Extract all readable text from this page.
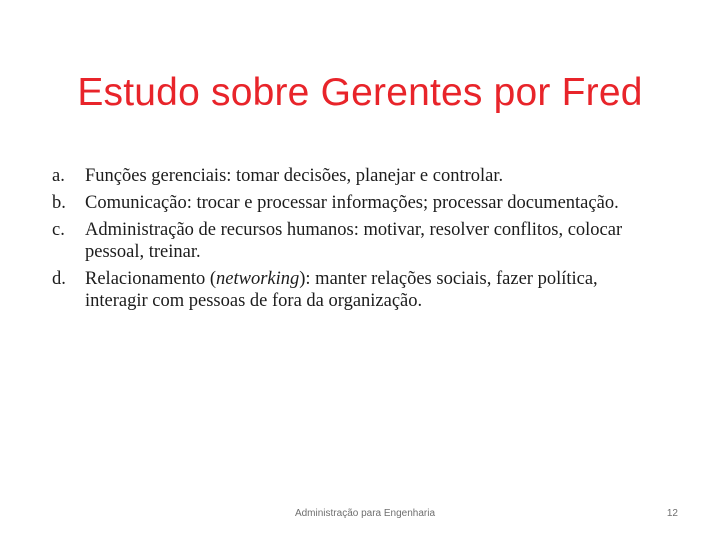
Estudo sobre Gerentes por Fred
a.	Funções gerenciais: tomar decisões, planejar e controlar.
b.	Comunicação: trocar e processar informações; processar documentação.
c.	Administração de recursos humanos: motivar, resolver conflitos, colocar
pessoal, treinar.
d.	Relacionamento (networking): manter relações sociais, fazer política,
interagir com pessoas de fora da organização.
Administração para Engenharia	12
